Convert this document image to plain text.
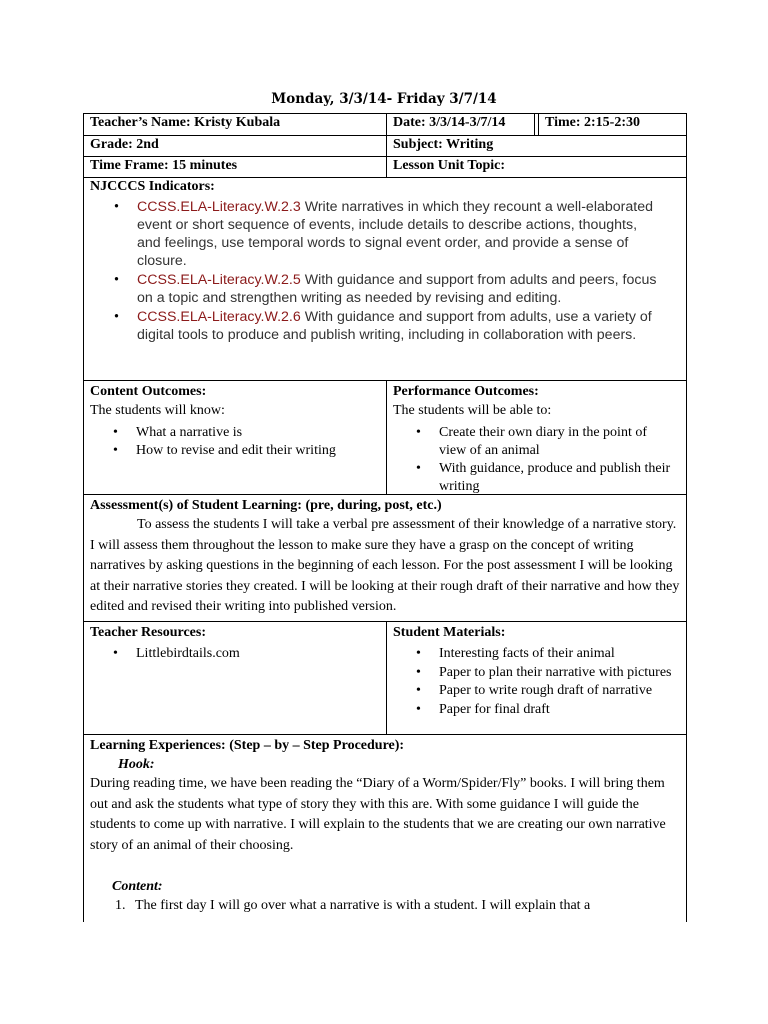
Monday, 3/3/14- Friday 3/7/14
Teacher’s Name: Kristy Kubala	Date: 3/3/14-3/7/14	Time: 2:15-2:30
Grade: 2nd	Subject: Writing
Time Frame: 15 minutes	Lesson Unit Topic:
NJCCCS Indicators:
• CCSS.ELA-Literacy.W.2.3 Write narratives in which they recount a well-elaborated event or short sequence of events, include details to describe actions, thoughts, and feelings, use temporal words to signal event order, and provide a sense of closure.
• CCSS.ELA-Literacy.W.2.5 With guidance and support from adults and peers, focus on a topic and strengthen writing as needed by revising and editing.
• CCSS.ELA-Literacy.W.2.6 With guidance and support from adults, use a variety of digital tools to produce and publish writing, including in collaboration with peers.
Content Outcomes:
The students will know:
• What a narrative is
• How to revise and edit their writing
Performance Outcomes:
The students will be able to:
• Create their own diary in the point of view of an animal
• With guidance, produce and publish their writing
Assessment(s) of Student Learning: (pre, during, post, etc.)

To assess the students I will take a verbal pre assessment of their knowledge of a narrative story. I will assess them throughout the lesson to make sure they have a grasp on the concept of writing narratives by asking questions in the beginning of each lesson. For the post assessment I will be looking at their narrative stories they created. I will be looking at their rough draft of their narrative and how they edited and revised their writing into published version.

Teacher Resources:
• Littlebirdtails.com
Student Materials:
• Interesting facts of their animal
• Paper to plan their narrative with pictures
• Paper to write rough draft of narrative
• Paper for final draft
Learning Experiences: (Step – by – Step Procedure):
Hook:

During reading time, we have been reading the “Diary of a Worm/Spider/Fly” books. I will bring them out and ask the students what type of story they with this are. With some guidance I will guide the students to come up with narrative. I will explain to the students that we are creating our own narrative story of an animal of their choosing.

Content:
1. The first day I will go over what a narrative is with a student. I will explain that a
